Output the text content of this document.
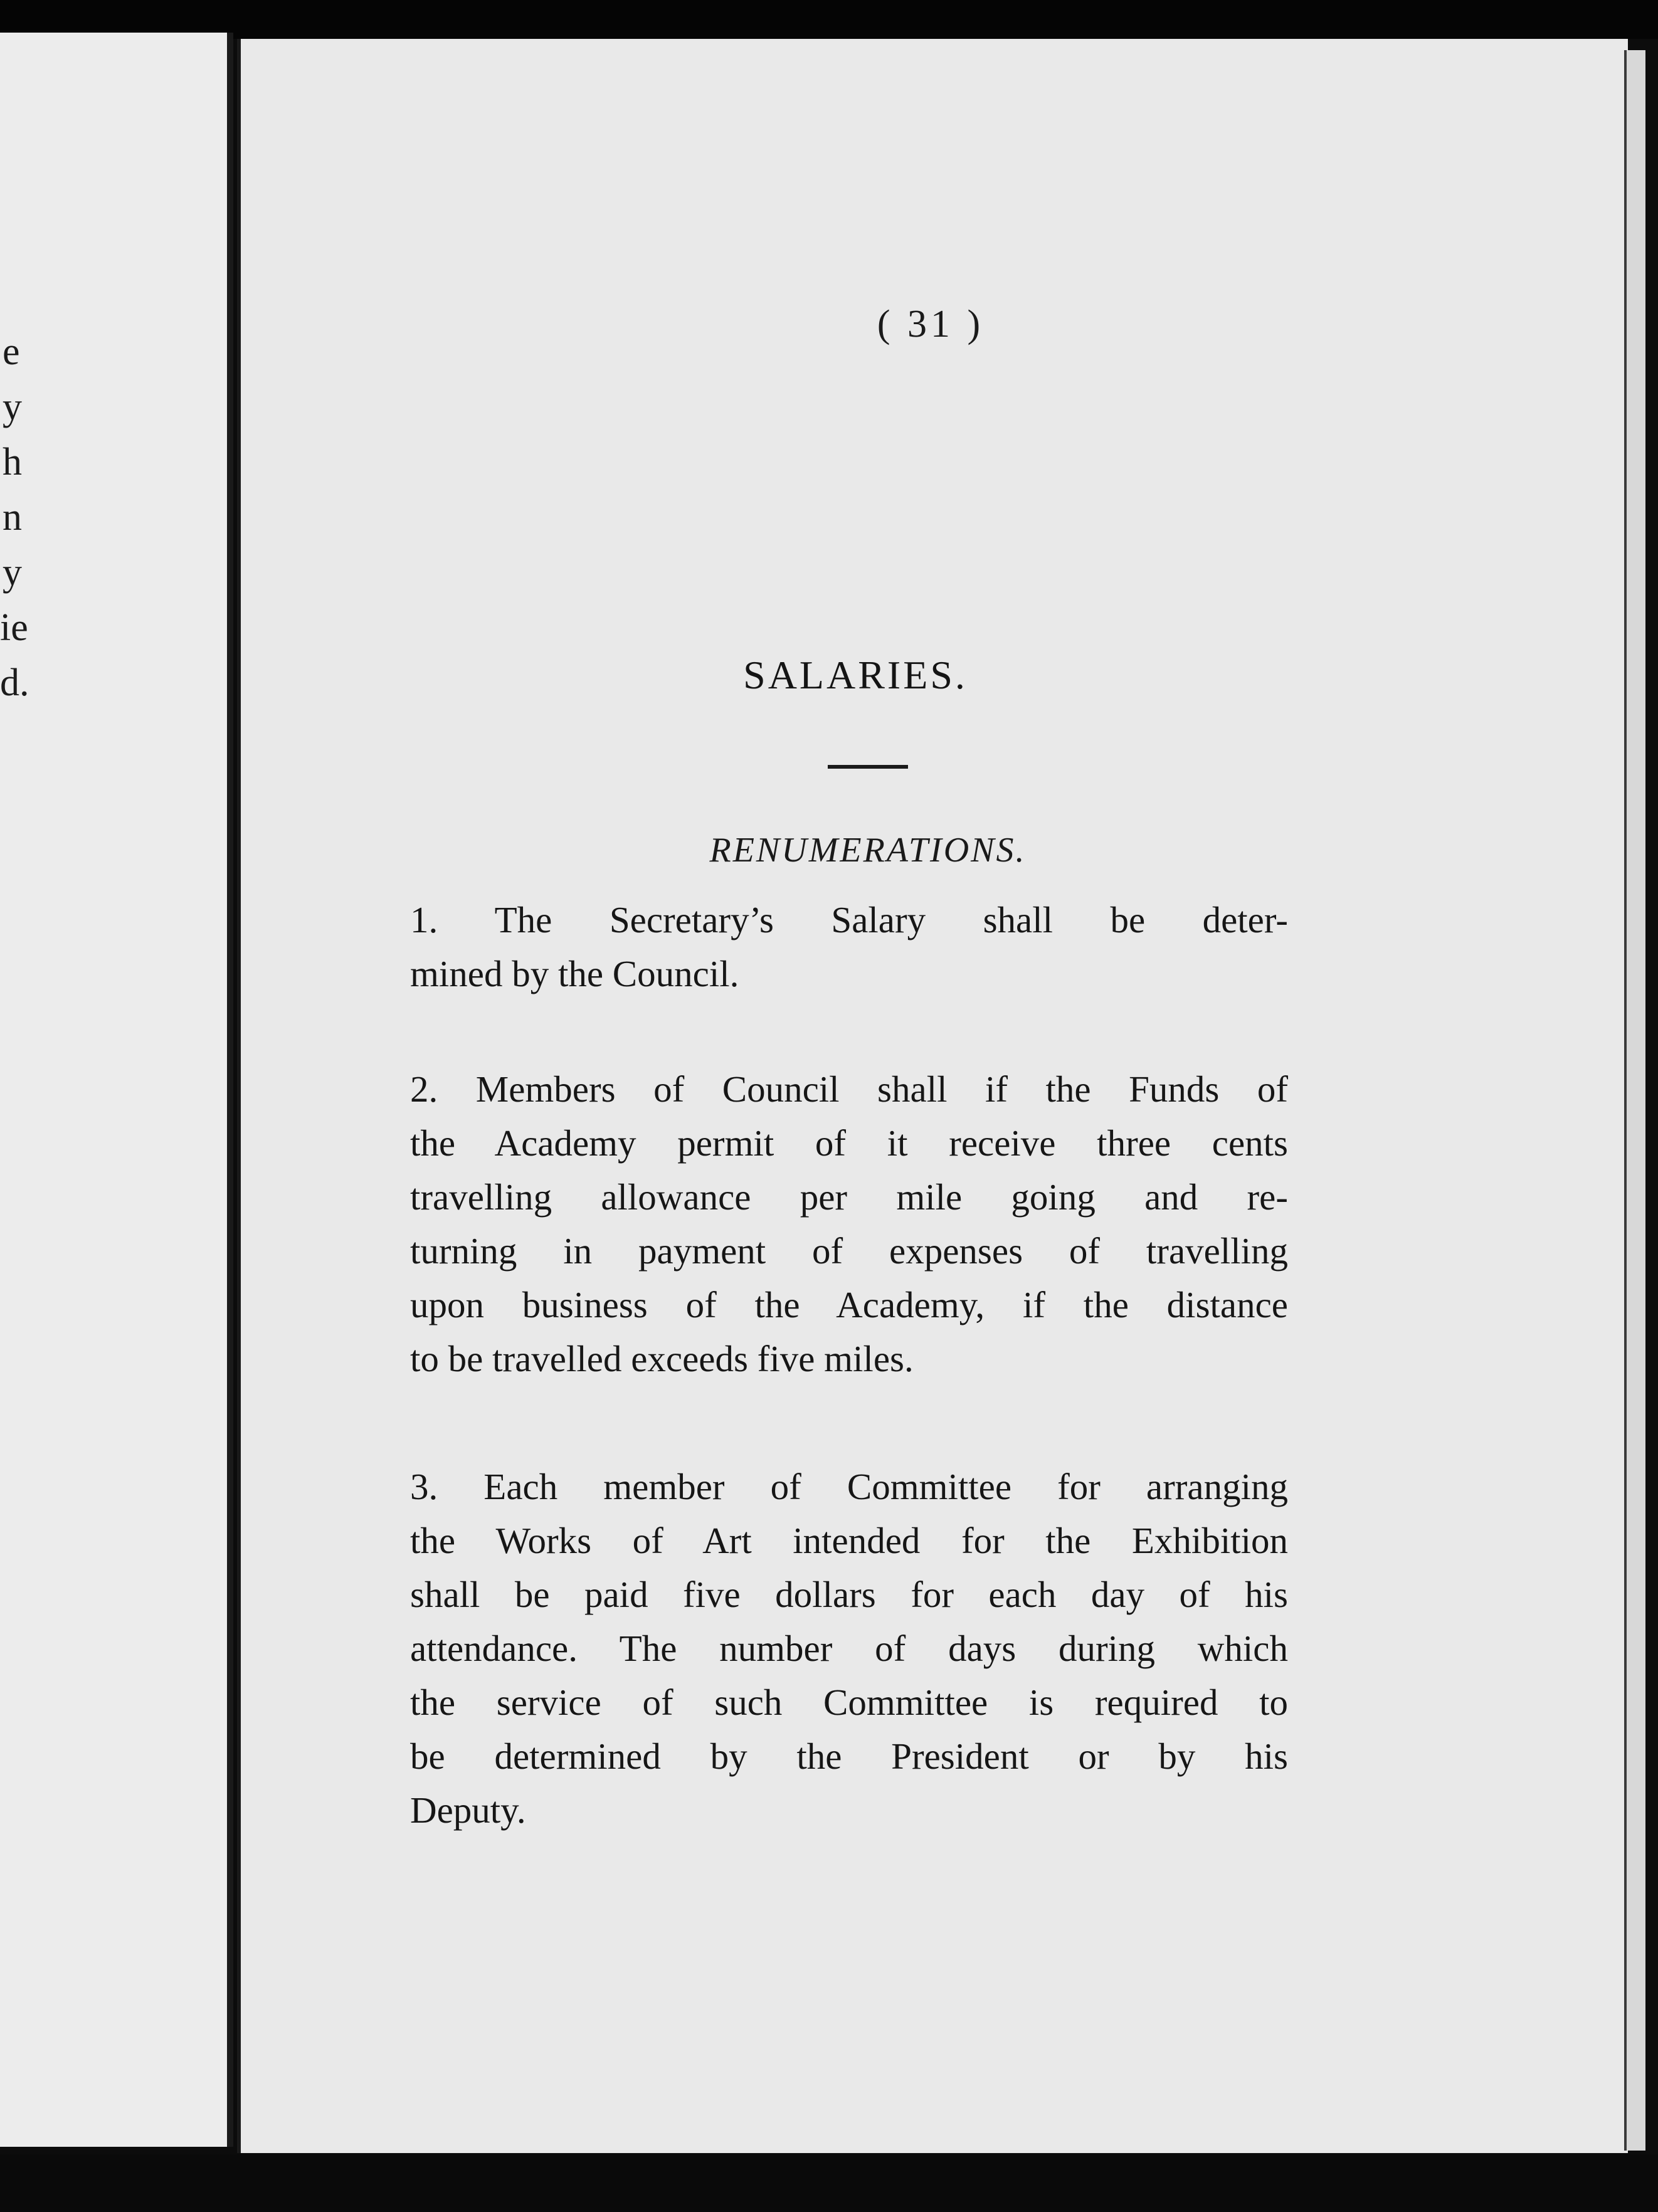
e
y
h
n
y
ie
d.
( 31 )
SALARIES.
RENUMERATIONS.
1. The Secretary’s Salary shall be deter-
mined by the Council.
2. Members of Council shall if the Funds of
the Academy permit of it receive three cents
travelling allowance per mile going and re-
turning in payment of expenses of travelling
upon business of the Academy, if the distance
to be travelled exceeds five miles.
3. Each member of Committee for arranging
the Works of Art intended for the Exhibition
shall be paid five dollars for each day of his
attendance. The number of days during which
the service of such Committee is required to
be determined by the President or by his
Deputy.
